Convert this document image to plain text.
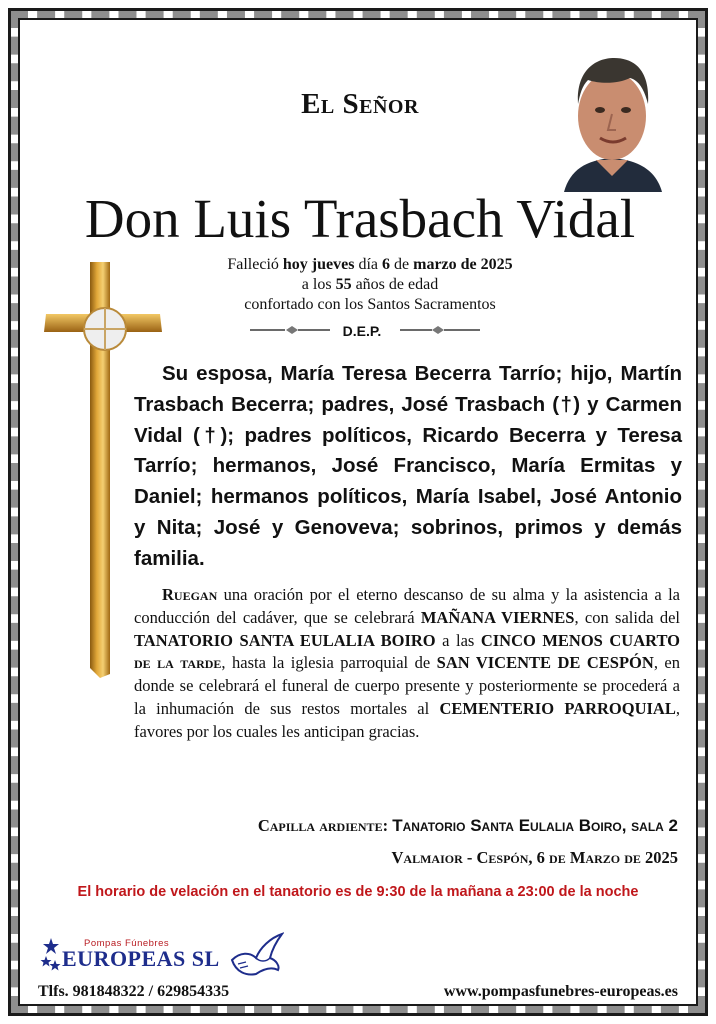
El Señor
Don Luis Trasbach Vidal
Falleció hoy jueves día 6 de marzo de 2025
a los 55 años de edad
confortado con los Santos Sacramentos
D.E.P.
Su esposa, María Teresa Becerra Tarrío; hijo, Martín Trasbach Becerra; padres, José Trasbach (†) y Carmen Vidal (†); padres políticos, Ricardo Becerra y Teresa Tarrío; hermanos, José Francisco, María Ermitas y Daniel; hermanos políticos, María Isabel, José Antonio y Nita; José y Genoveva; sobrinos, primos y demás familia.
Ruegan una oración por el eterno descanso de su alma y la asistencia a la conducción del cadáver, que se celebrará MAÑANA VIERNES, con salida del TANATORIO SANTA EULALIA BOIRO a las CINCO MENOS CUARTO de la tarde, hasta la iglesia parroquial de SAN VICENTE DE CESPÓN, en donde se celebrará el funeral de cuerpo presente y posteriormente se procederá a la inhumación de sus restos mortales al CEMENTERIO PARROQUIAL, favores por los cuales les anticipan gracias.
Capilla ardiente: Tanatorio Santa Eulalia Boiro, sala 2
Valmaior - Cespón, 6 de Marzo de 2025
El horario de velación en el tanatorio es de 9:30 de la mañana a 23:00 de la noche
Pompas Fúnebres
EUROPEAS SL
Tlfs. 981848322 / 629854335	www.pompasfunebres-europeas.es
